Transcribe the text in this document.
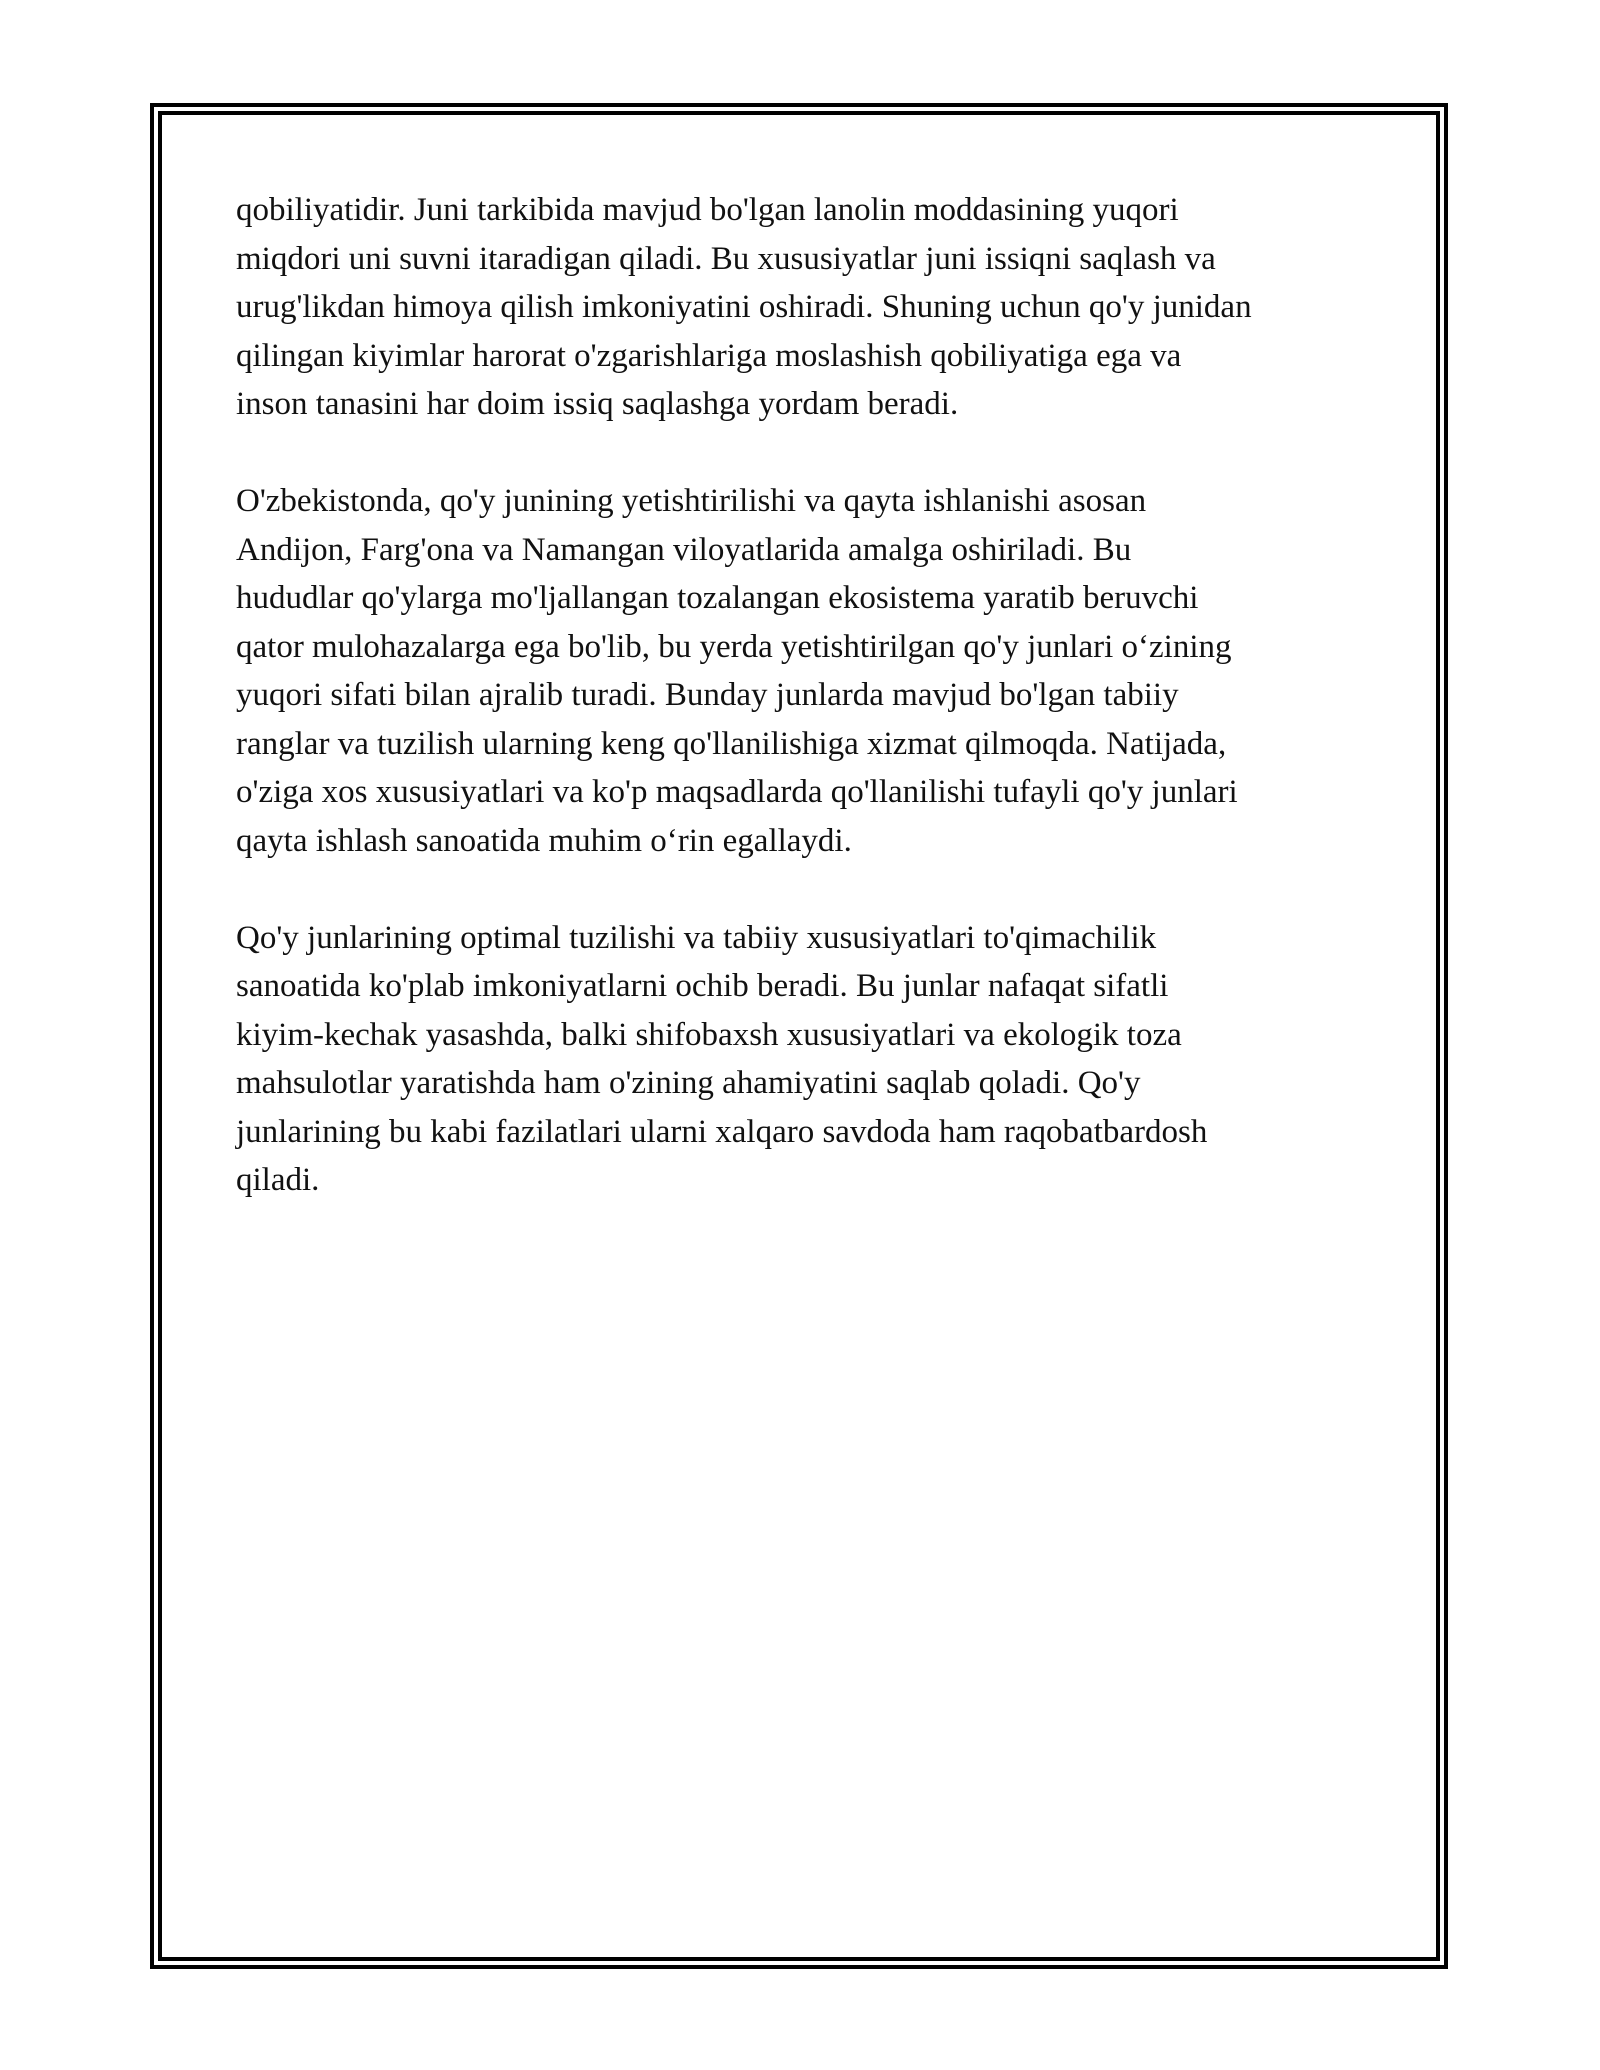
qobiliyatidir. Juni tarkibida mavjud bo'lgan lanolin moddasining yuqori
miqdori uni suvni itaradigan qiladi. Bu xususiyatlar juni issiqni saqlash va
urug'likdan himoya qilish imkoniyatini oshiradi. Shuning uchun qo'y junidan
qilingan kiyimlar harorat o'zgarishlariga moslashish qobiliyatiga ega va
inson tanasini har doim issiq saqlashga yordam beradi.

O'zbekistonda, qo'y junining yetishtirilishi va qayta ishlanishi asosan
Andijon, Farg'ona va Namangan viloyatlarida amalga oshiriladi. Bu
hududlar qo'ylarga mo'ljallangan tozalangan ekosistema yaratib beruvchi
qator mulohazalarga ega bo'lib, bu yerda yetishtirilgan qo'y junlari o‘zining
yuqori sifati bilan ajralib turadi. Bunday junlarda mavjud bo'lgan tabiiy
ranglar va tuzilish ularning keng qo'llanilishiga xizmat qilmoqda. Natijada,
o'ziga xos xususiyatlari va ko'p maqsadlarda qo'llanilishi tufayli qo'y junlari
qayta ishlash sanoatida muhim o‘rin egallaydi.

Qo'y junlarining optimal tuzilishi va tabiiy xususiyatlari to'qimachilik
sanoatida ko'plab imkoniyatlarni ochib beradi. Bu junlar nafaqat sifatli
kiyim-kechak yasashda, balki shifobaxsh xususiyatlari va ekologik toza
mahsulotlar yaratishda ham o'zining ahamiyatini saqlab qoladi. Qo'y
junlarining bu kabi fazilatlari ularni xalqaro savdoda ham raqobatbardosh
qiladi.
